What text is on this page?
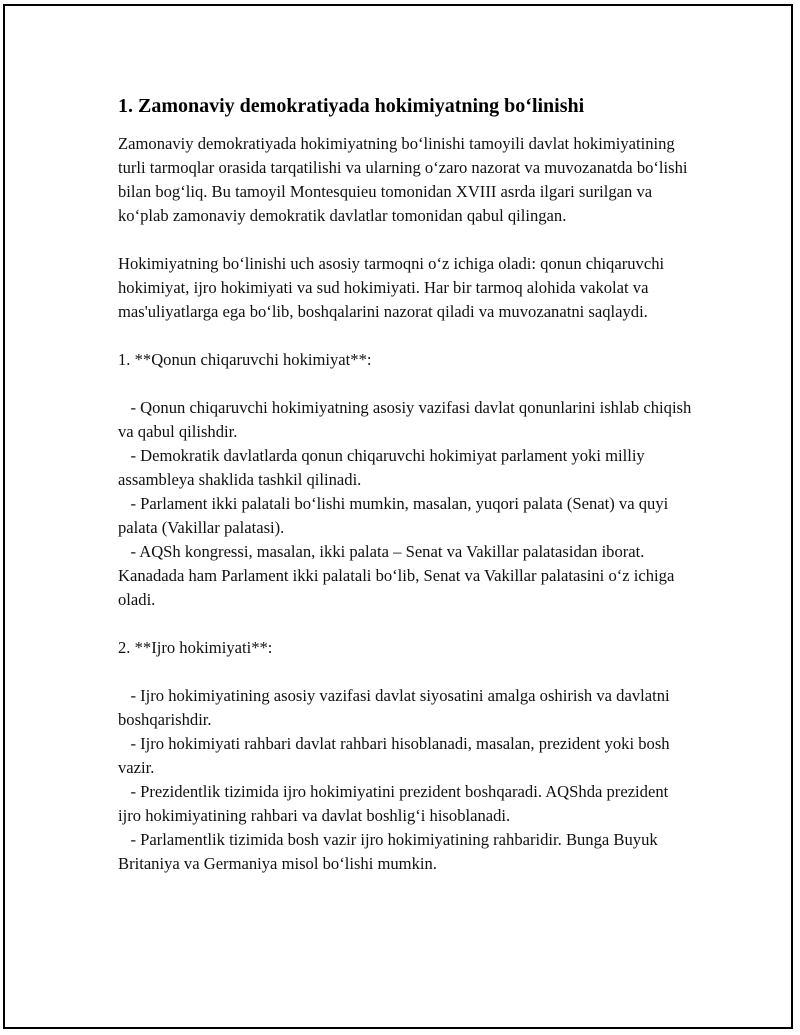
1. Zamonaviy demokratiyada hokimiyatning bo‘linishi

Zamonaviy demokratiyada hokimiyatning bo‘linishi tamoyili davlat hokimiyatining turli tarmoqlar orasida tarqatilishi va ularning o‘zaro nazorat va muvozanatda bo‘lishi bilan bog‘liq. Bu tamoyil Montesquieu tomonidan XVIII asrda ilgari surilgan va ko‘plab zamonaviy demokratik davlatlar tomonidan qabul qilingan.

Hokimiyatning bo‘linishi uch asosiy tarmoqni o‘z ichiga oladi: qonun chiqaruvchi hokimiyat, ijro hokimiyati va sud hokimiyati. Har bir tarmoq alohida vakolat va mas'uliyatlarga ega bo‘lib, boshqalarini nazorat qiladi va muvozanatni saqlaydi.

1. **Qonun chiqaruvchi hokimiyat**:

- Qonun chiqaruvchi hokimiyatning asosiy vazifasi davlat qonunlarini ishlab chiqish va qabul qilishdir.

- Demokratik davlatlarda qonun chiqaruvchi hokimiyat parlament yoki milliy assambleya shaklida tashkil qilinadi.

- Parlament ikki palatali bo‘lishi mumkin, masalan, yuqori palata (Senat) va quyi palata (Vakillar palatasi).

- AQSh kongressi, masalan, ikki palata – Senat va Vakillar palatasidan iborat. Kanadada ham Parlament ikki palatali bo‘lib, Senat va Vakillar palatasini o‘z ichiga oladi.

2. **Ijro hokimiyati**:

- Ijro hokimiyatining asosiy vazifasi davlat siyosatini amalga oshirish va davlatni boshqarishdir.

- Ijro hokimiyati rahbari davlat rahbari hisoblanadi, masalan, prezident yoki bosh vazir.

- Prezidentlik tizimida ijro hokimiyatini prezident boshqaradi. AQShda prezident ijro hokimiyatining rahbari va davlat boshlig‘i hisoblanadi.

- Parlamentlik tizimida bosh vazir ijro hokimiyatining rahbaridir. Bunga Buyuk Britaniya va Germaniya misol bo‘lishi mumkin.
